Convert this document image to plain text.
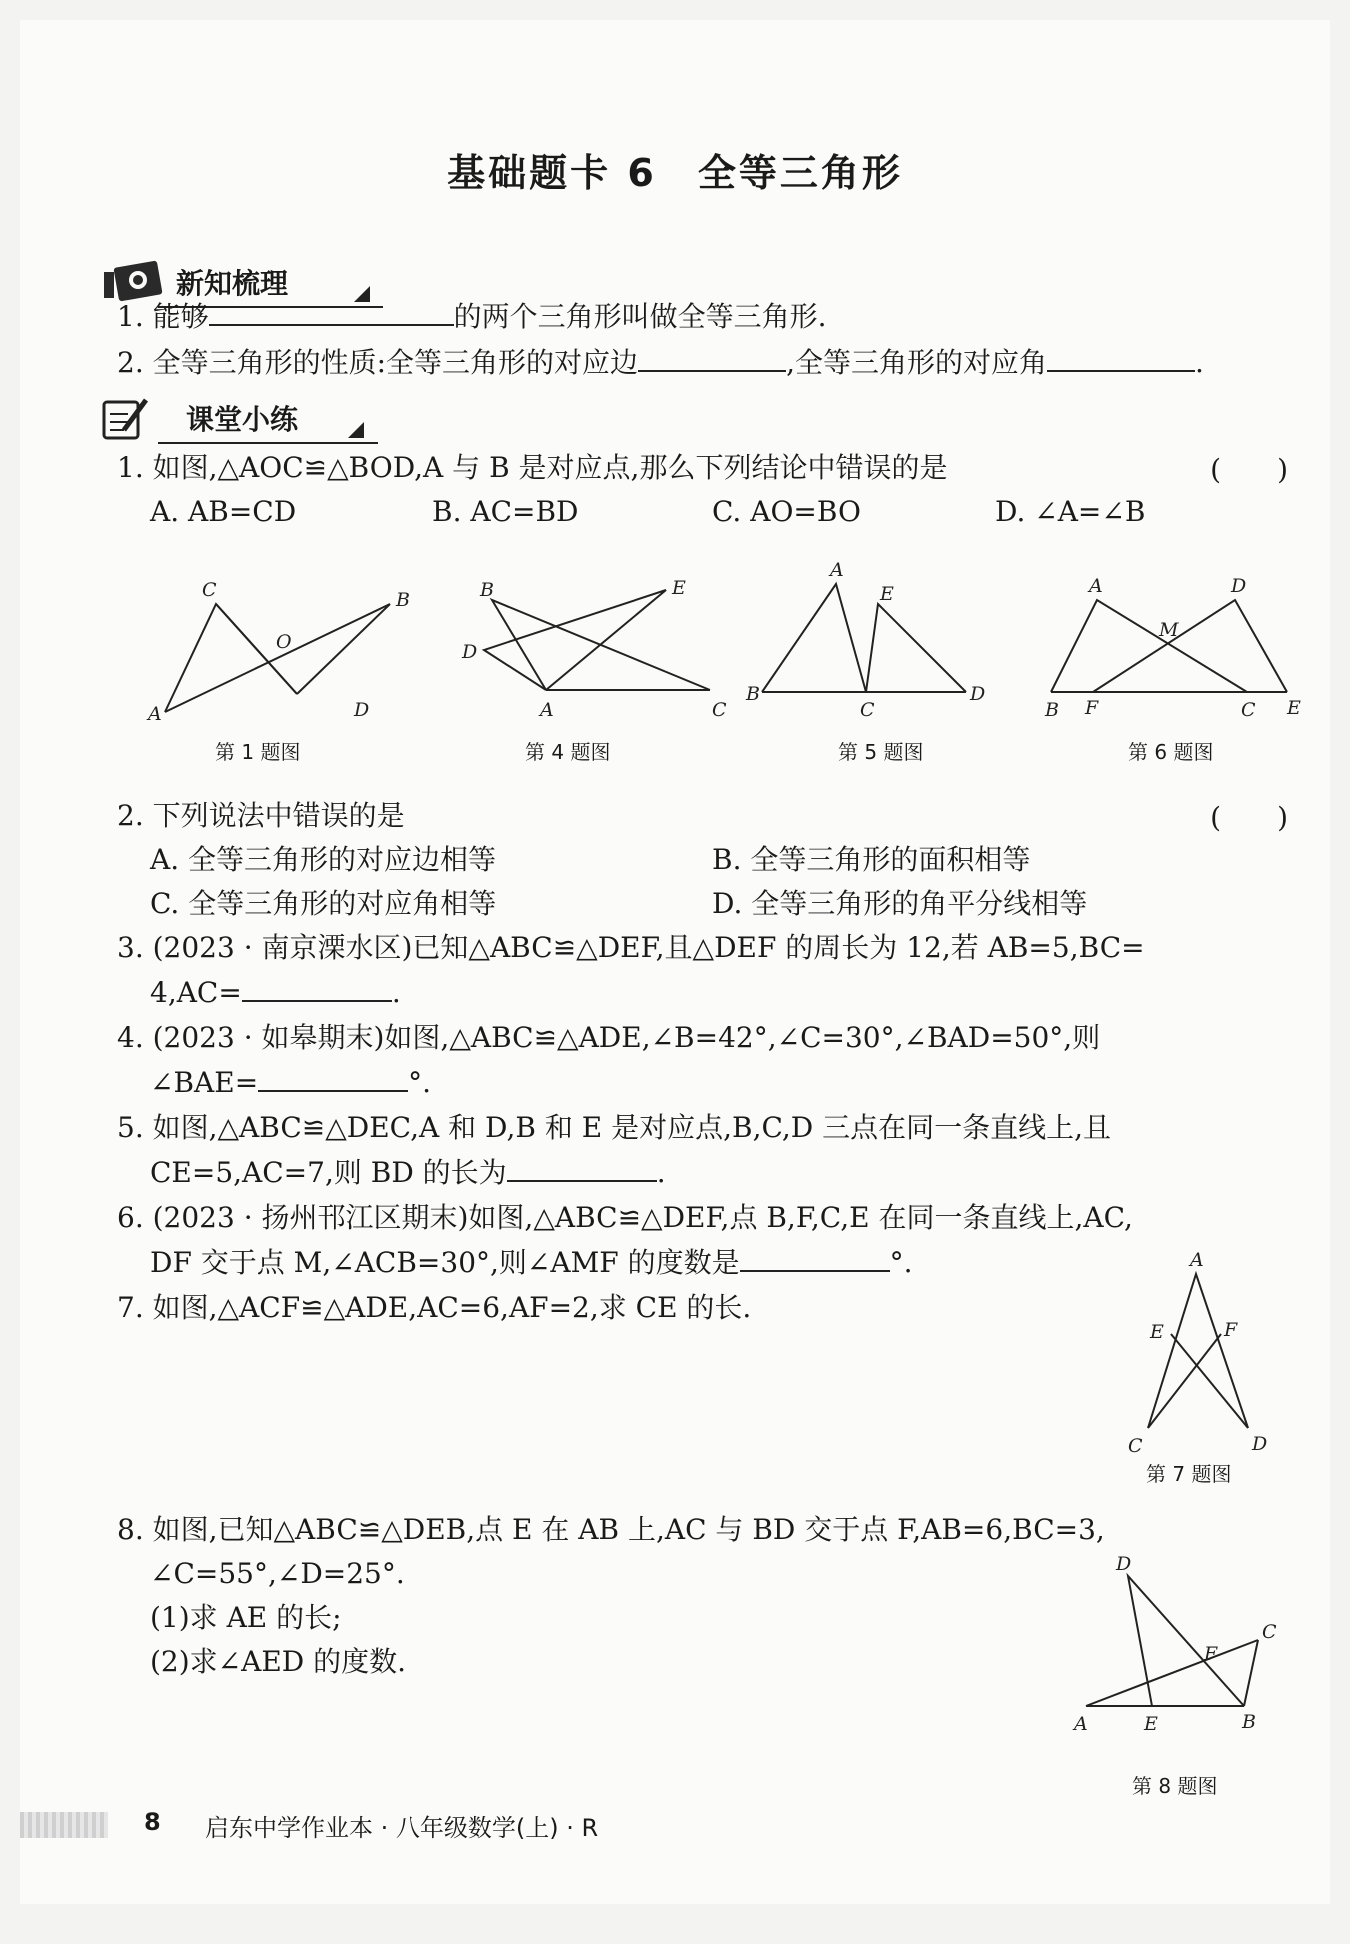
基础题卡 6　全等三角形
新知梳理
1. 能够	的两个三角形叫做全等三角形.
2. 全等三角形的性质:全等三角形的对应边	,全等三角形的对应角	.
课堂小练
1. 如图,△AOC≌△BOD,A 与 B 是对应点,那么下列结论中错误的是	(　　)
A. AB=CD	B. AC=BD	C. AO=BO	D. ∠A=∠B
C	B
O
A	D
第 1 题图
B	E
D
A	C
第 4 题图
A
E
B
C
D
第 5 题图
A	D
M
B F	C E
第 6 题图
2. 下列说法中错误的是	(　　)
A. 全等三角形的对应边相等	B. 全等三角形的面积相等
C. 全等三角形的对应角相等	D. 全等三角形的角平分线相等
3. (2023 · 南京溧水区)已知△ABC≌△DEF,且△DEF 的周长为 12,若 AB=5,BC=
4,AC=	.
4. (2023 · 如皋期末)如图,△ABC≌△ADE,∠B=42°,∠C=30°,∠BAD=50°,则
∠BAE=	°.
5. 如图,△ABC≌△DEC,A 和 D,B 和 E 是对应点,B,C,D 三点在同一条直线上,且
CE=5,AC=7,则 BD 的长为	.
6. (2023 · 扬州邗江区期末)如图,△ABC≌△DEF,点 B,F,C,E 在同一条直线上,AC,
DF 交于点 M,∠ACB=30°,则∠AMF 的度数是	°.
7. 如图,△ACF≌△ADE,AC=6,AF=2,求 CE 的长.
A
E	F
C	D
第 7 题图
8. 如图,已知△ABC≌△DEB,点 E 在 AB 上,AC 与 BD 交于点 F,AB=6,BC=3,
∠C=55°,∠D=25°.
(1)求 AE 的长;
(2)求∠AED 的度数.
D
C
F
A	E	B
第 8 题图
8 启东中学作业本 · 八年级数学(上) · R
